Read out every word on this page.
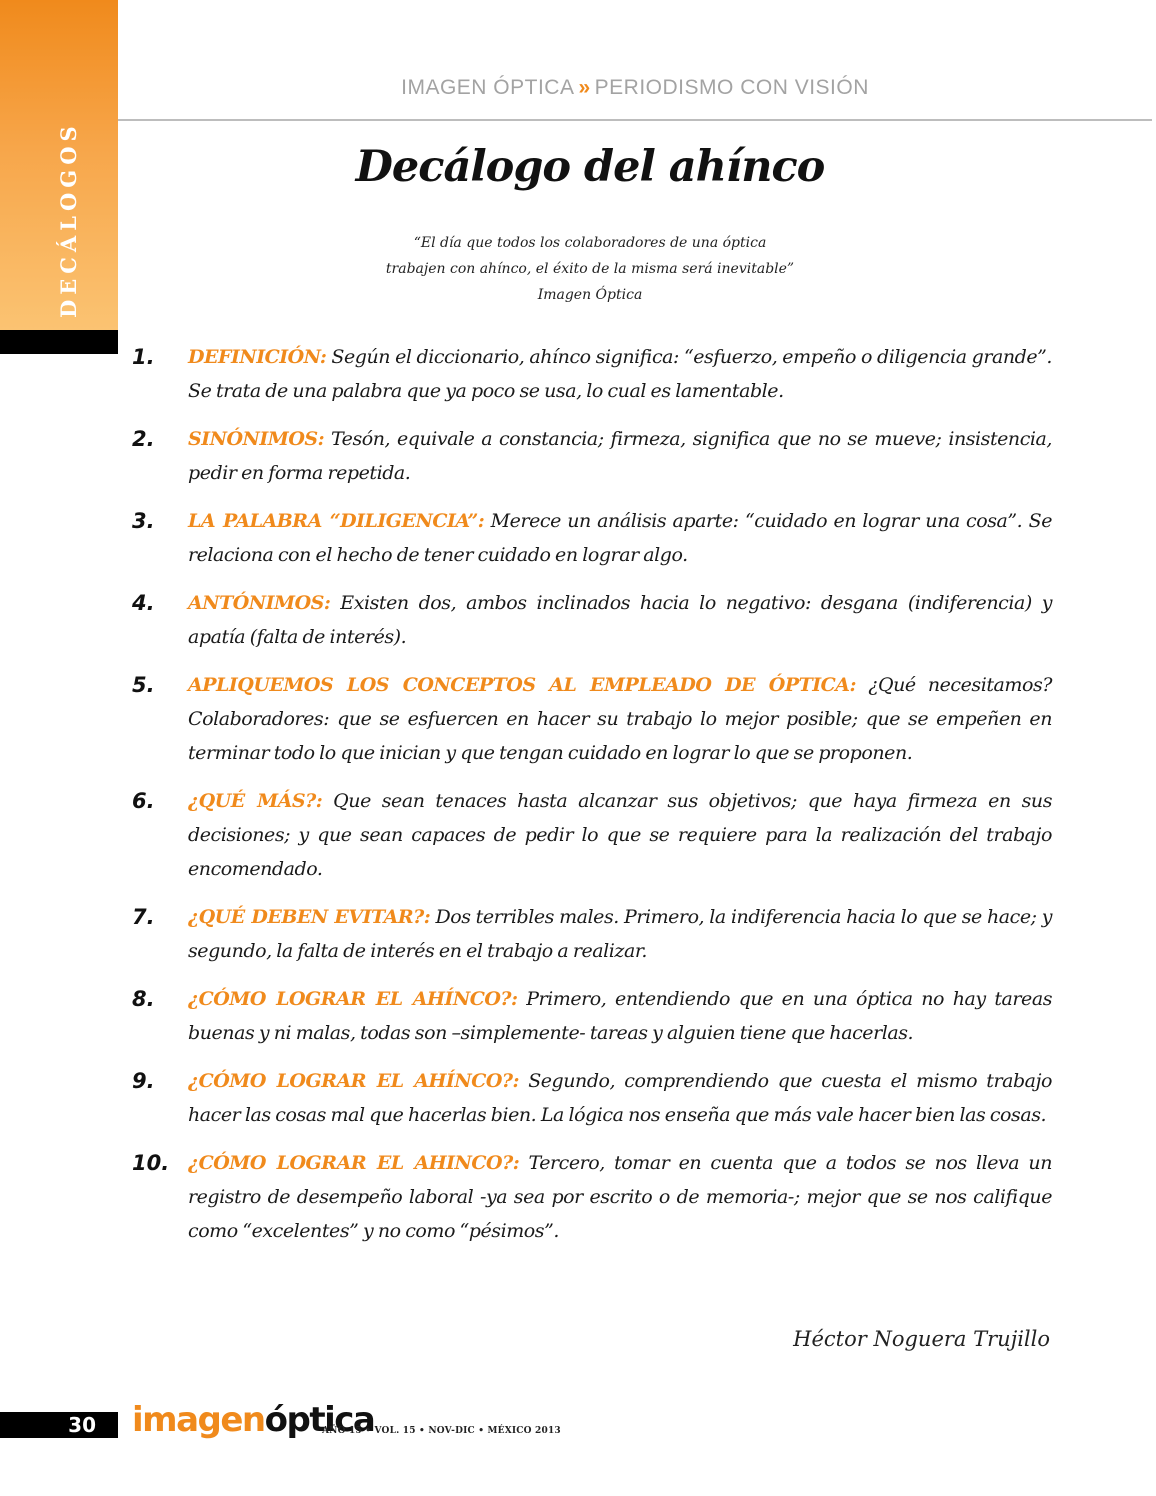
DECÁLOGOS
IMAGEN ÓPTICA » PERIODISMO CON VISIÓN
Decálogo del ahínco
“El día que todos los colaboradores de una óptica
trabajen con ahínco, el éxito de la misma será inevitable”
Imagen Óptica
1.	DEFINICIÓN: Según el diccionario, ahínco significa: “esfuerzo, empeño o diligencia grande”. Se trata de una palabra que ya poco se usa, lo cual es lamentable.
2.	SINÓNIMOS: Tesón, equivale a constancia; firmeza, significa que no se mueve; insistencia, pedir en forma repetida.
3.	LA PALABRA “DILIGENCIA”: Merece un análisis aparte: “cuidado en lograr una cosa”. Se relaciona con el hecho de tener cuidado en lograr algo.
4.	ANTÓNIMOS: Existen dos, ambos inclinados hacia lo negativo: desgana (indiferencia) y apatía (falta de interés).
5.	APLIQUEMOS LOS CONCEPTOS AL EMPLEADO DE ÓPTICA: ¿Qué necesitamos? Colaboradores: que se esfuercen en hacer su trabajo lo mejor posible; que se empeñen en terminar todo lo que inician y que tengan cuidado en lograr lo que se proponen.
6.	¿QUÉ MÁS?: Que sean tenaces hasta alcanzar sus objetivos; que haya firmeza en sus decisiones; y que sean capaces de pedir lo que se requiere para la realización del trabajo encomendado.
7.	¿QUÉ DEBEN EVITAR?: Dos terribles males. Primero, la indiferencia hacia lo que se hace; y segundo, la falta de interés en el trabajo a realizar.
8.	¿CÓMO LOGRAR EL AHÍNCO?: Primero, entendiendo que en una óptica no hay tareas buenas y ni malas, todas son –simplemente- tareas y alguien tiene que hacerlas.
9.	¿CÓMO LOGRAR EL AHÍNCO?: Segundo, comprendiendo que cuesta el mismo trabajo hacer las cosas mal que hacerlas bien. La lógica nos enseña que más vale hacer bien las cosas.
10. ¿CÓMO LOGRAR EL AHINCO?: Tercero, tomar en cuenta que a todos se nos lleva un registro de desempeño laboral -ya sea por escrito o de memoria-; mejor que se nos califique como “excelentes” y no como “pésimos”.
Héctor Noguera Trujillo
30	imagenóptica
AÑO 15 • VOL. 15 • NOV-DIC • MÉXICO 2013
